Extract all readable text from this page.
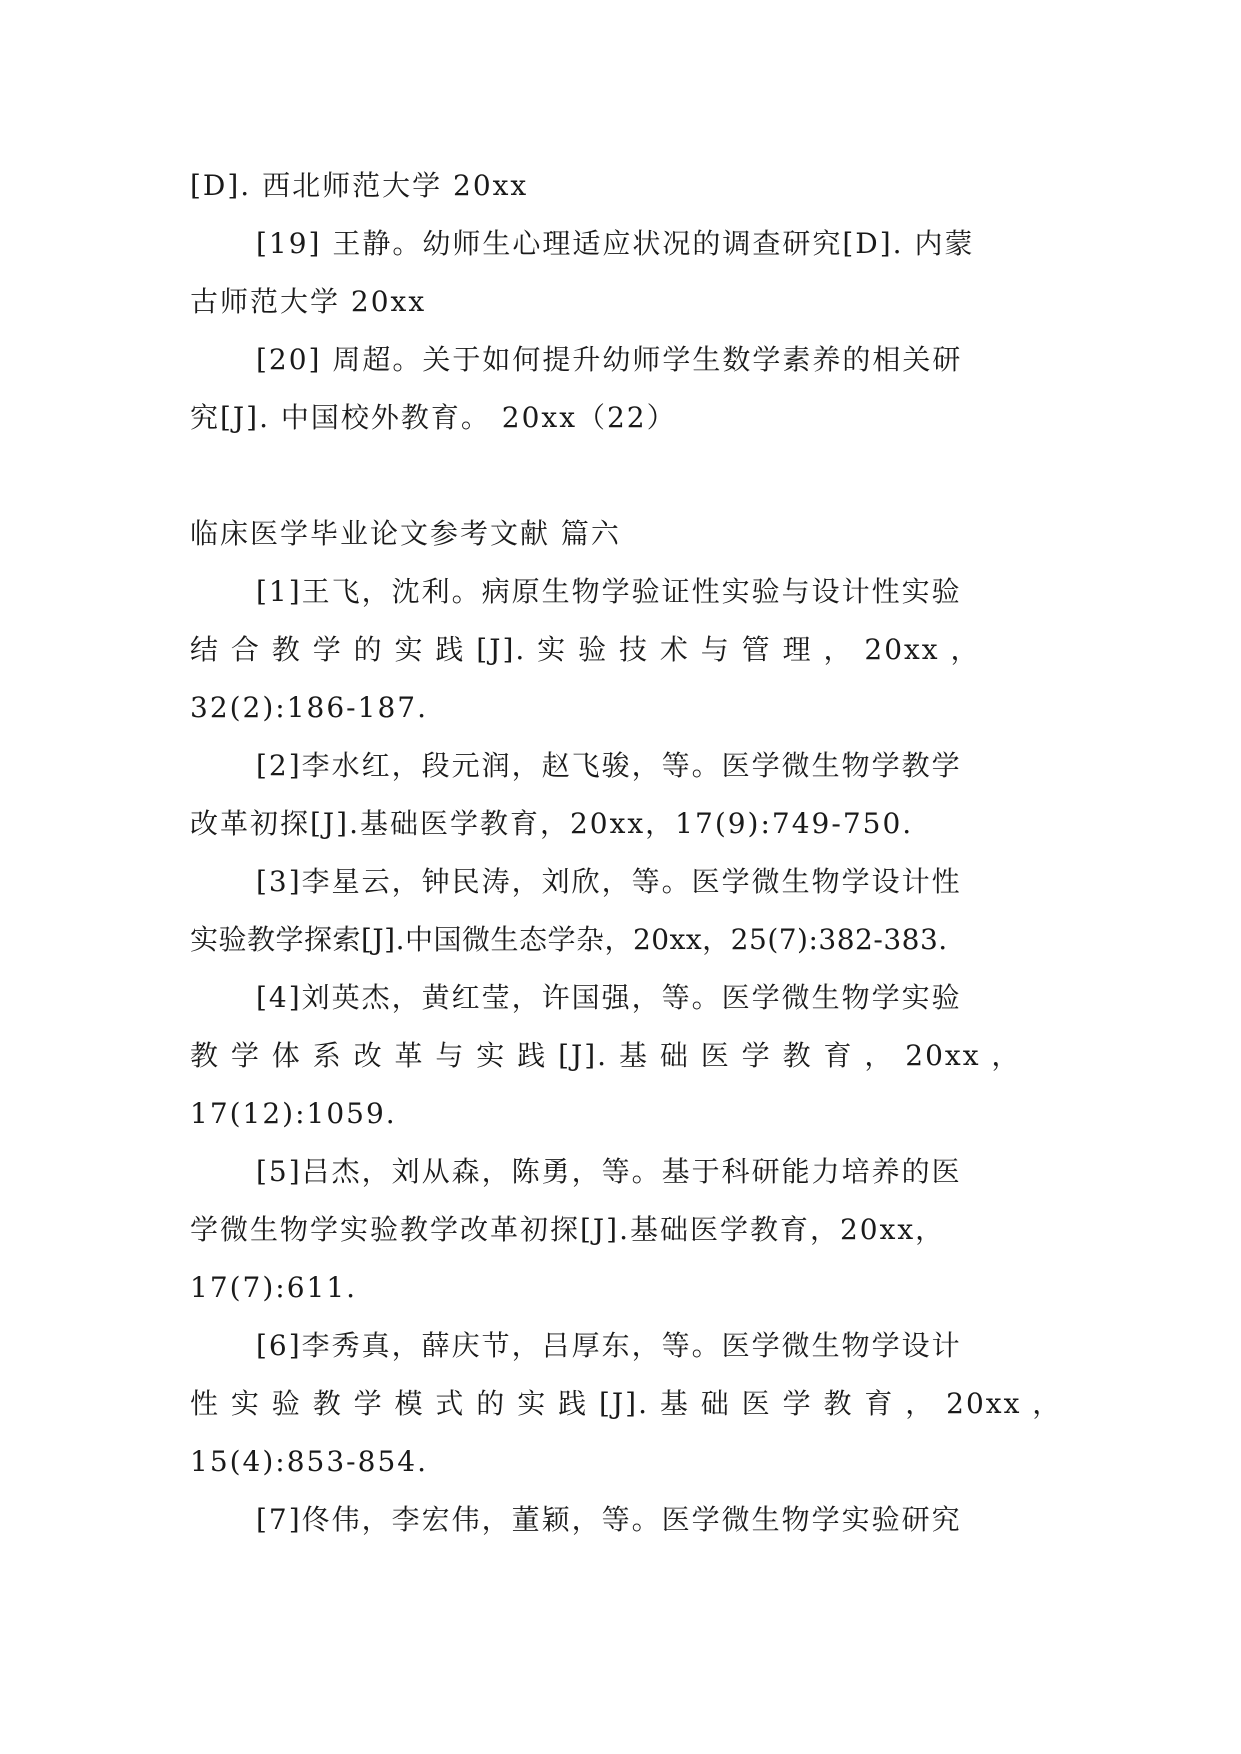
[D]. 西北师范大学 20xx
[19] 王静。幼师生心理适应状况的调查研究[D]. 内蒙
古师范大学 20xx
[20] 周超。关于如何提升幼师学生数学素养的相关研
究[J]. 中国校外教育。 20xx（22）
临床医学毕业论文参考文献 篇六
[1]王飞，沈利。病原生物学验证性实验与设计性实验
结 合 教 学 的 实 践 [J]. 实 验 技 术 与 管 理 ， 20xx ，
32(2):186-187.
[2]李水红，段元润，赵飞骏，等。医学微生物学教学
改革初探[J].基础医学教育，20xx，17(9):749-750.
[3]李星云，钟民涛，刘欣，等。医学微生物学设计性
实验教学探索[J].中国微生态学杂，20xx，25(7):382-383.
[4]刘英杰，黄红莹，许国强，等。医学微生物学实验
教 学 体 系 改 革 与 实 践 [J]. 基 础 医 学 教 育 ， 20xx ，
17(12):1059.
[5]吕杰，刘从森，陈勇，等。基于科研能力培养的医
学微生物学实验教学改革初探[J].基础医学教育，20xx，
17(7):611.
[6]李秀真，薛庆节，吕厚东，等。医学微生物学设计
性 实 验 教 学 模 式 的 实 践 [J]. 基 础 医 学 教 育 ， 20xx ，
15(4):853-854.
[7]佟伟，李宏伟，董颖，等。医学微生物学实验研究
